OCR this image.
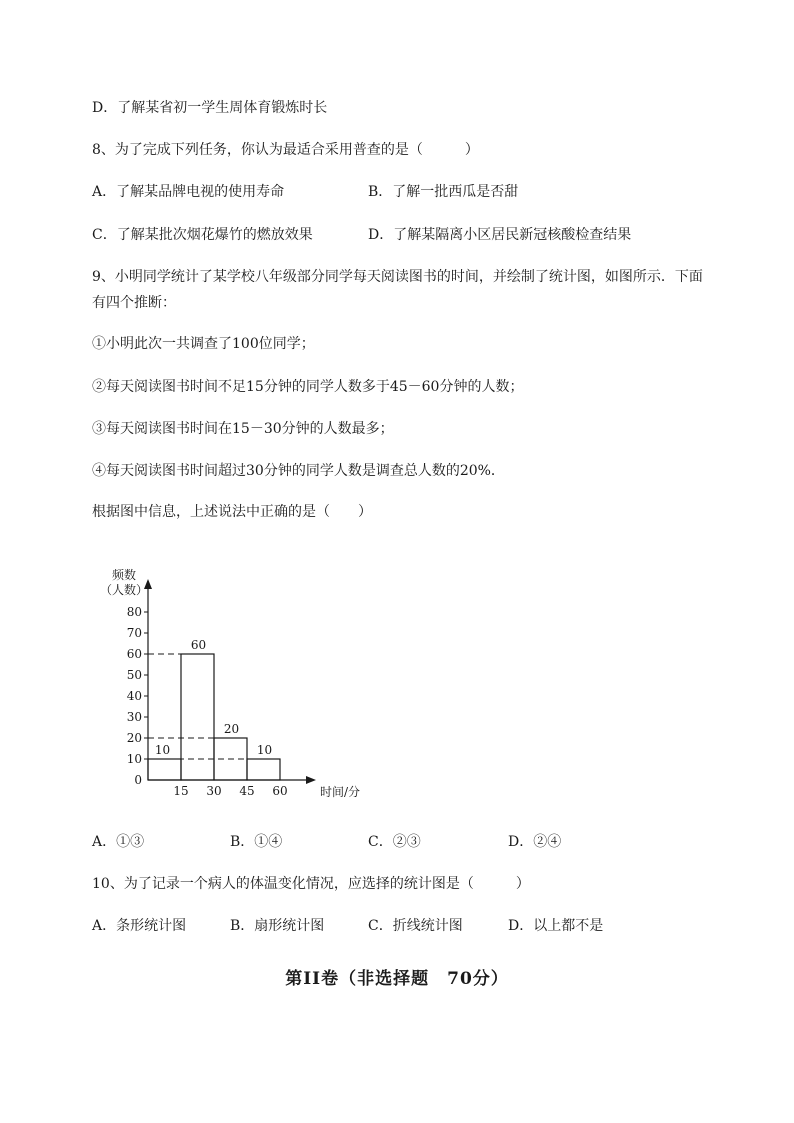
D．了解某省初一学生周体育锻炼时长
8、为了完成下列任务，你认为最适合采用普查的是（　　　）
A．了解某品牌电视的使用寿命	B．了解一批西瓜是否甜
C．了解某批次烟花爆竹的燃放效果	D．了解某隔离小区居民新冠核酸检查结果
9、小明同学统计了某学校八年级部分同学每天阅读图书的时间，并绘制了统计图，如图所示．下面
有四个推断：
①小明此次一共调查了100位同学；
②每天阅读图书时间不足15分钟的同学人数多于45－60分钟的人数；
③每天阅读图书时间在15－30分钟的人数最多；
④每天阅读图书时间超过30分钟的同学人数是调查总人数的20%．
根据图中信息，上述说法中正确的是（　　）
10
60
20
10
0
10
20
30
40
50
60
70
80
15 30 45 60
频数
（人数）
时间/分
A．①③	B．①④	C．②③	D．②④
10、为了记录一个病人的体温变化情况，应选择的统计图是（　　　）
A．条形统计图	B．扇形统计图	C．折线统计图	D．以上都不是
第II卷（非选择题　70分）
